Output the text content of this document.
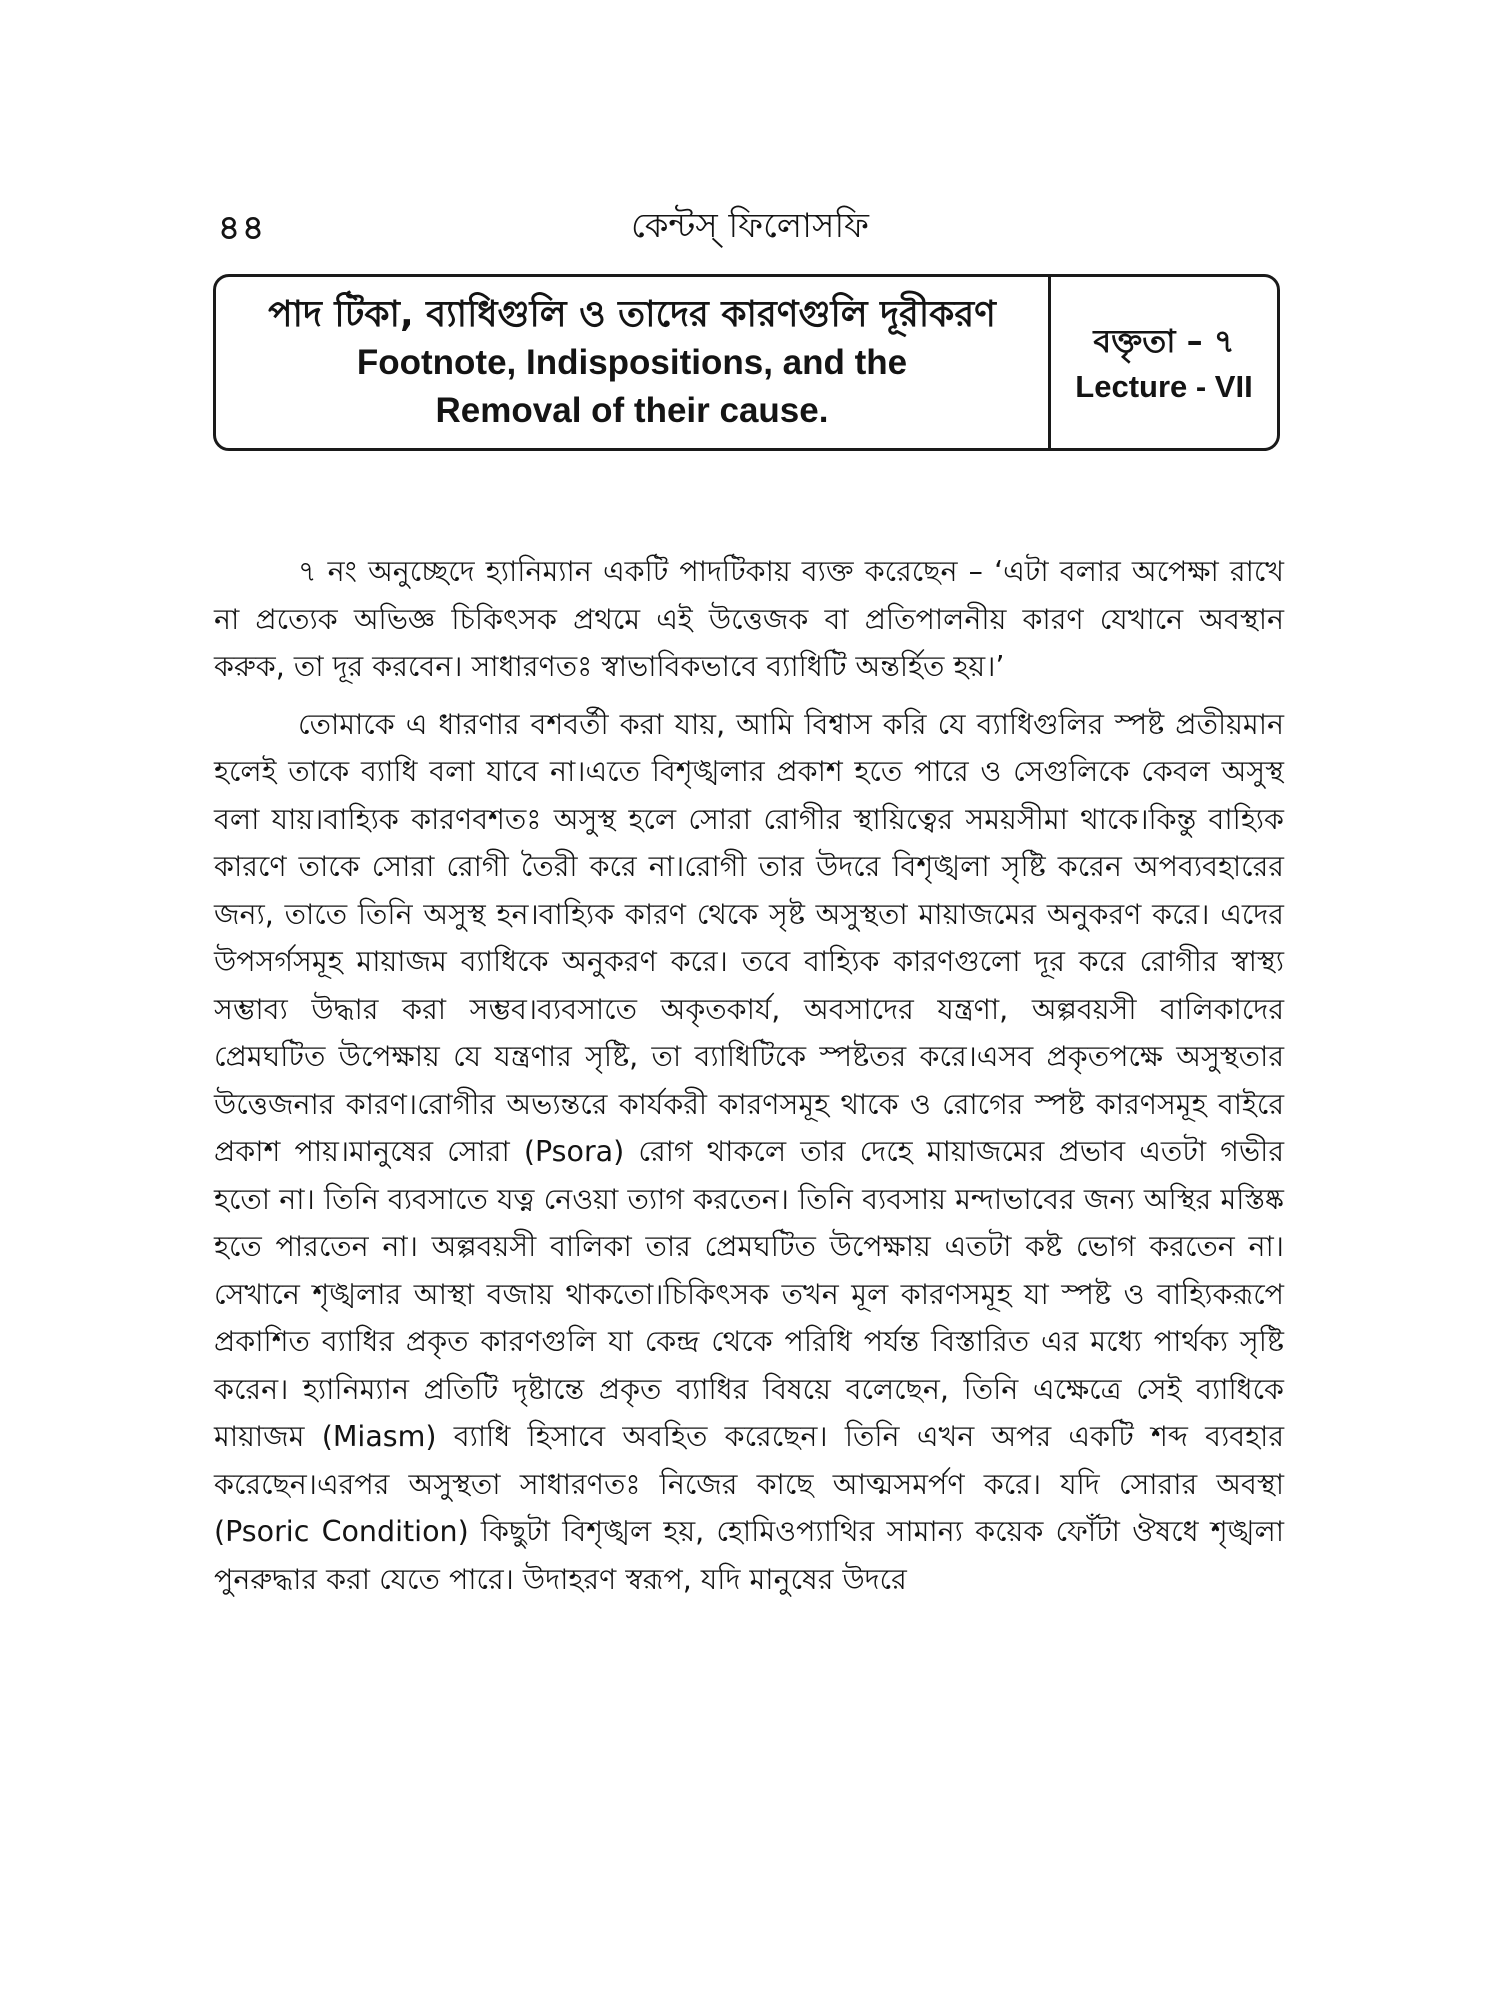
৪৪	কেন্টস্ ফিলোসফি
পাদ টিকা, ব্যাধিগুলি ও তাদের কারণগুলি দূরীকরণ
Footnote, Indispositions, and the Removal of their cause.
বক্তৃতা – ৭
Lecture - VII

৭ নং অনুচ্ছেদে হ্যানিম্যান একটি পাদটিকায় ব্যক্ত করেছেন – ‘এটা বলার অপেক্ষা রাখে না প্রত্যেক অভিজ্ঞ চিকিৎসক প্রথমে এই উত্তেজক বা প্রতিপালনীয় কারণ যেখানে অবস্থান করুক, তা দূর করবেন। সাধারণতঃ স্বাভাবিকভাবে ব্যাধিটি অন্তর্হিত হয়।’

তোমাকে এ ধারণার বশবর্তী করা যায়, আমি বিশ্বাস করি যে ব্যাধিগুলির স্পষ্ট প্রতীয়মান হলেই তাকে ব্যাধি বলা যাবে না।এতে বিশৃঙ্খলার প্রকাশ হতে পারে ও সেগুলিকে কেবল অসুস্থ বলা যায়।বাহ্যিক কারণবশতঃ অসুস্থ হলে সোরা রোগীর স্থায়িত্বের সময়সীমা থাকে।কিন্তু বাহ্যিক কারণে তাকে সোরা রোগী তৈরী করে না।রোগী তার উদরে বিশৃঙ্খলা সৃষ্টি করেন অপব্যবহারের জন্য, তাতে তিনি অসুস্থ হন।বাহ্যিক কারণ থেকে সৃষ্ট অসুস্থতা মায়াজমের অনুকরণ করে। এদের উপসর্গসমূহ মায়াজম ব্যাধিকে অনুকরণ করে। তবে বাহ্যিক কারণগুলো দূর করে রোগীর স্বাস্থ্য সম্ভাব্য উদ্ধার করা সম্ভব।ব্যবসাতে অকৃতকার্য, অবসাদের যন্ত্রণা, অল্পবয়সী বালিকাদের প্রেমঘটিত উপেক্ষায় যে যন্ত্রণার সৃষ্টি, তা ব্যাধিটিকে স্পষ্টতর করে।এসব প্রকৃতপক্ষে অসুস্থতার উত্তেজনার কারণ।রোগীর অভ্যন্তরে কার্যকরী কারণসমূহ থাকে ও রোগের স্পষ্ট কারণসমূহ বাইরে প্রকাশ পায়।মানুষের সোরা (Psora) রোগ থাকলে তার দেহে মায়াজমের প্রভাব এতটা গভীর হতো না। তিনি ব্যবসাতে যত্ন নেওয়া ত্যাগ করতেন। তিনি ব্যবসায় মন্দাভাবের জন্য অস্থির মস্তিষ্ক হতে পারতেন না। অল্পবয়সী বালিকা তার প্রেমঘটিত উপেক্ষায় এতটা কষ্ট ভোগ করতেন না।সেখানে শৃঙ্খলার আস্থা বজায় থাকতো।চিকিৎসক তখন মূল কারণসমূহ যা স্পষ্ট ও বাহ্যিকরূপে প্রকাশিত ব্যাধির প্রকৃত কারণগুলি যা কেন্দ্র থেকে পরিধি পর্যন্ত বিস্তারিত এর মধ্যে পার্থক্য সৃষ্টি করেন। হ্যানিম্যান প্রতিটি দৃষ্টান্তে প্রকৃত ব্যাধির বিষয়ে বলেছেন, তিনি এক্ষেত্রে সেই ব্যাধিকে মায়াজম (Miasm) ব্যাধি হিসাবে অবহিত করেছেন। তিনি এখন অপর একটি শব্দ ব্যবহার করেছেন।এরপর অসুস্থতা সাধারণতঃ নিজের কাছে আত্মসমর্পণ করে। যদি সোরার অবস্থা (Psoric Condition) কিছুটা বিশৃঙ্খল হয়, হোমিওপ্যাথির সামান্য কয়েক ফোঁটা ঔষধে শৃঙ্খলা পুনরুদ্ধার করা যেতে পারে। উদাহরণ স্বরূপ, যদি মানুষের উদরে
